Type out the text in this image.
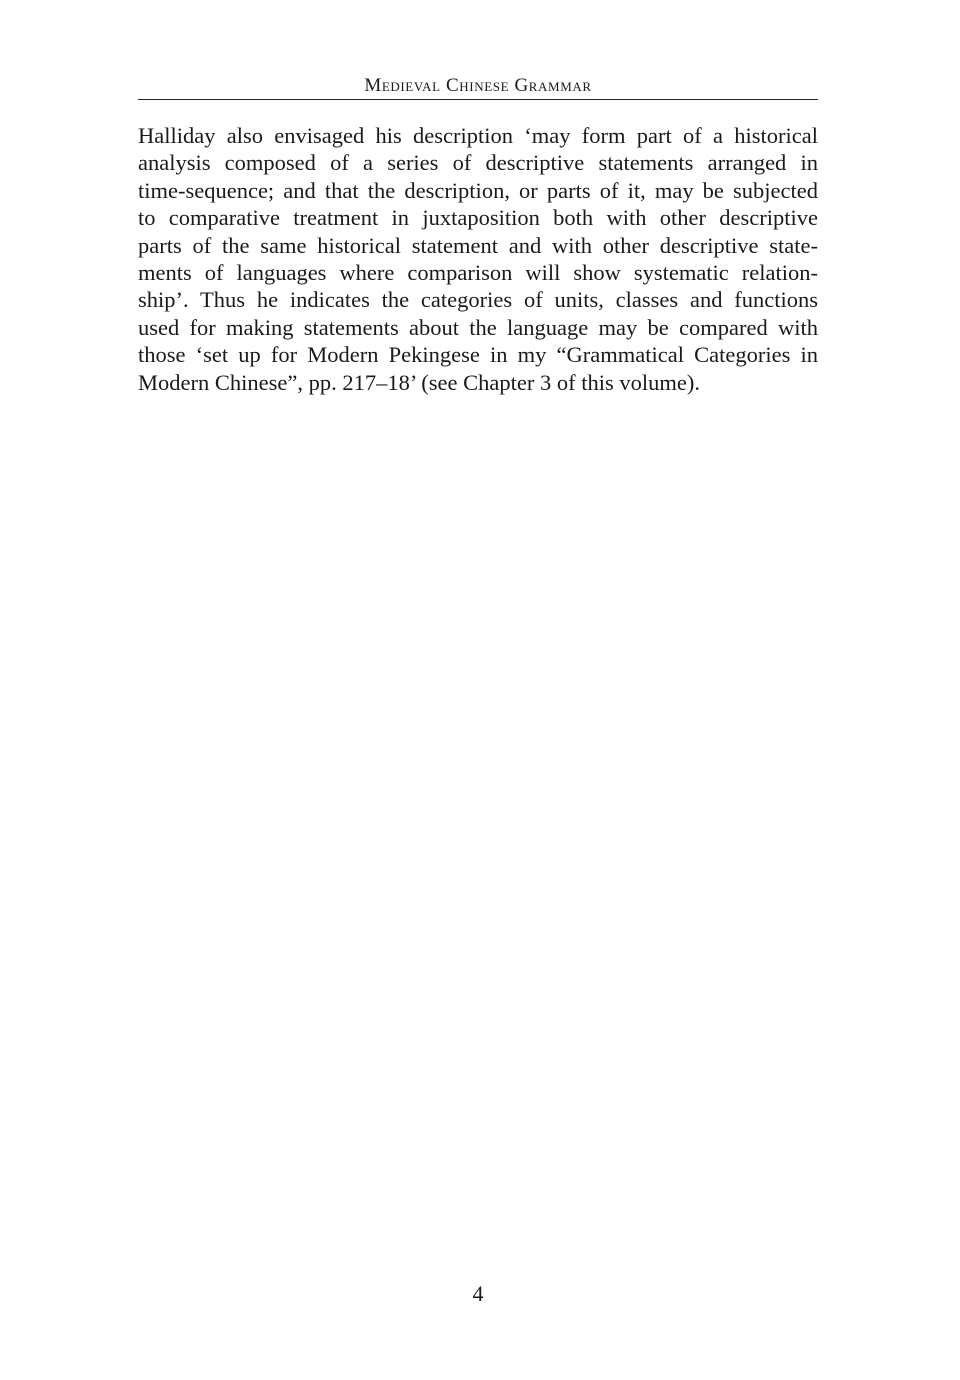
Medieval Chinese Grammar

Halliday also envisaged his description ‘may form part of a historical
analysis composed of a series of descriptive statements arranged in
time-sequence; and that the description, or parts of it, may be subjected
to comparative treatment in juxtaposition both with other descriptive
parts of the same historical statement and with other descriptive state-
ments of languages where comparison will show systematic relation-
ship’. Thus he indicates the categories of units, classes and functions
used for making statements about the language may be compared with
those ‘set up for Modern Pekingese in my “Grammatical Categories in
Modern Chinese”, pp. 217–18’ (see Chapter 3 of this volume).

4
